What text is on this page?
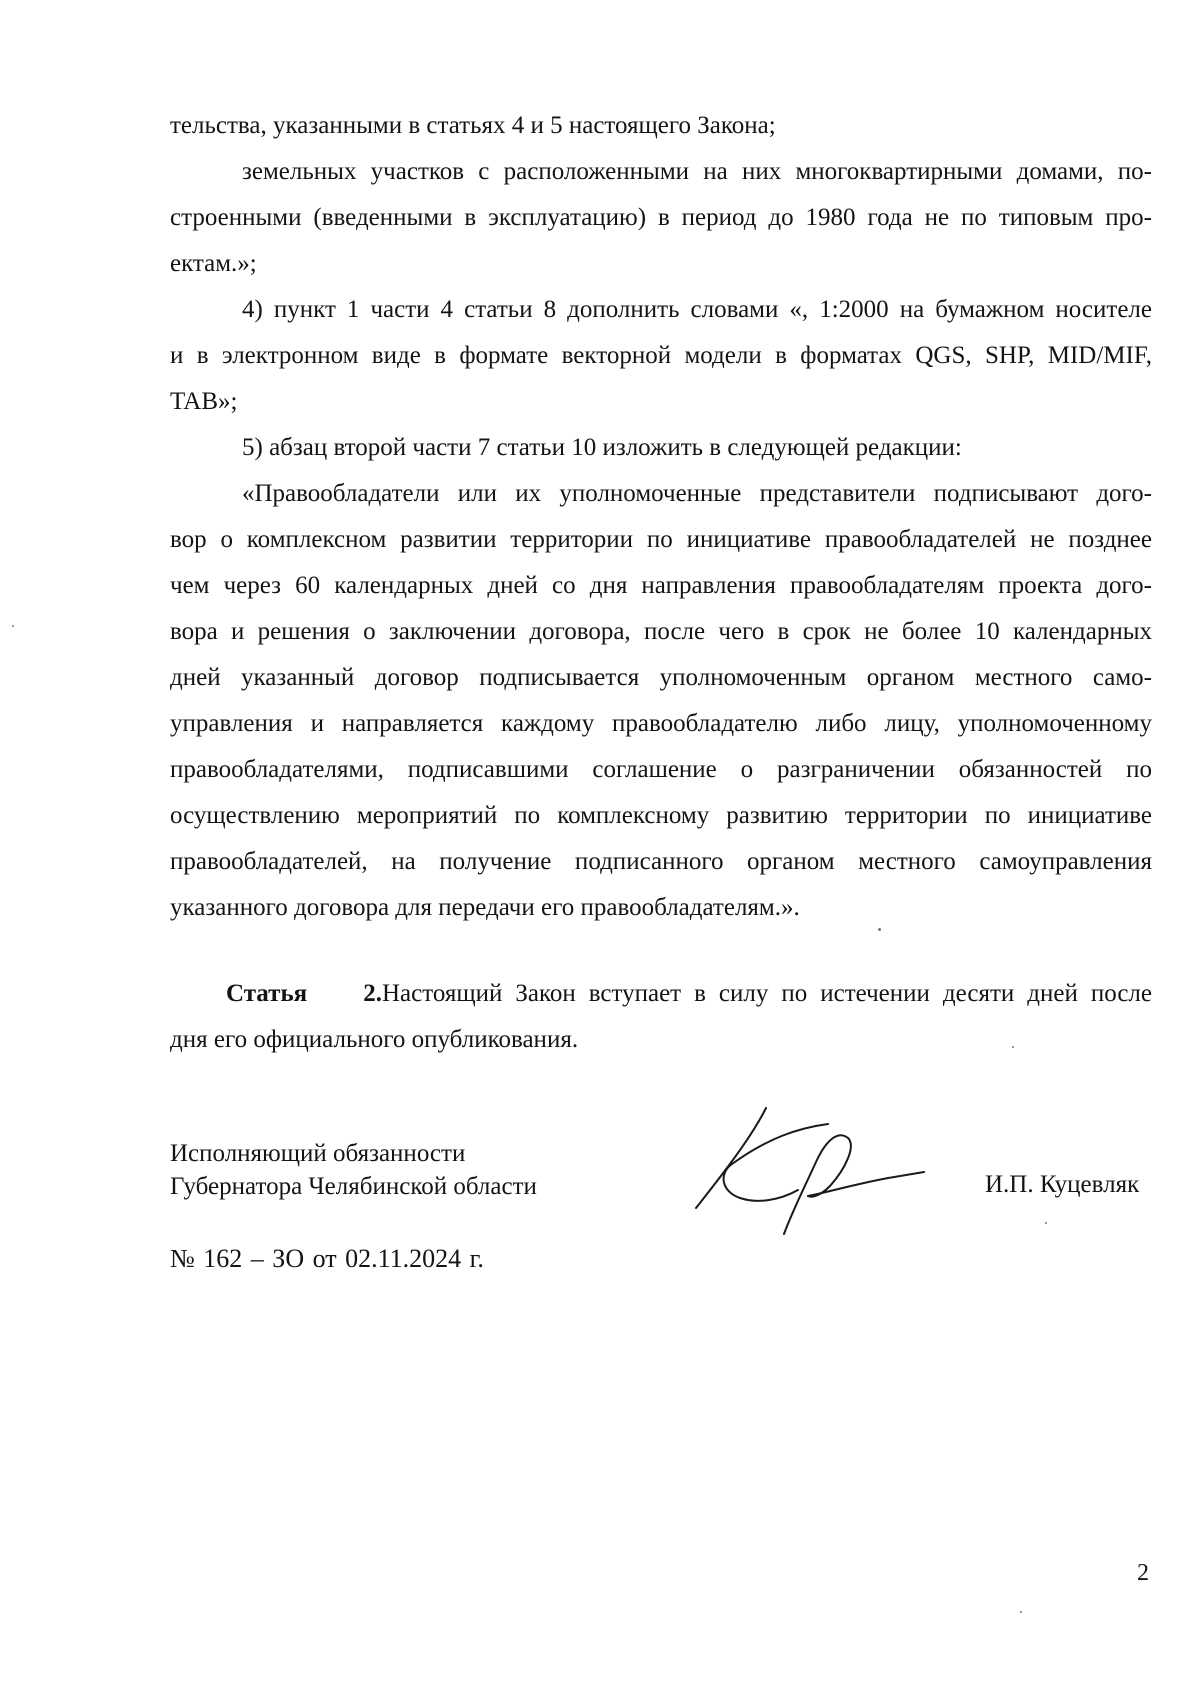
тельства, указанными в статьях 4 и 5 настоящего Закона;
земельных участков с расположенными на них многоквартирными домами, по-
строенными (введенными в эксплуатацию) в период до 1980 года не по типовым про-
ектам.»;
4) пункт 1 части 4 статьи 8 дополнить словами «, 1:2000 на бумажном носителе
и в электронном виде в формате векторной модели в форматах QGS, SHP, MID/MIF,
TAB»;
5) абзац второй части 7 статьи 10 изложить в следующей редакции:
«Правообладатели или их уполномоченные представители подписывают дого-
вор о комплексном развитии территории по инициативе правообладателей не позднее
чем через 60 календарных дней со дня направления правообладателям проекта дого-
вора и решения о заключении договора, после чего в срок не более 10 календарных
дней указанный договор подписывается уполномоченным органом местного само-
управления и направляется каждому правообладателю либо лицу, уполномоченному
правообладателями, подписавшими соглашение о разграничении обязанностей по
осуществлению мероприятий по комплексному развитию территории по инициативе
правообладателей, на получение подписанного органом местного самоуправления
указанного договора для передачи его правообладателям.».
Статья 2. Настоящий Закон вступает в силу по истечении десяти дней после
дня его официального опубликования.
Исполняющий обязанности
Губернатора Челябинской области	И.П. Куцевляк
№ 162 – ЗО от 02.11.2024 г.
2
